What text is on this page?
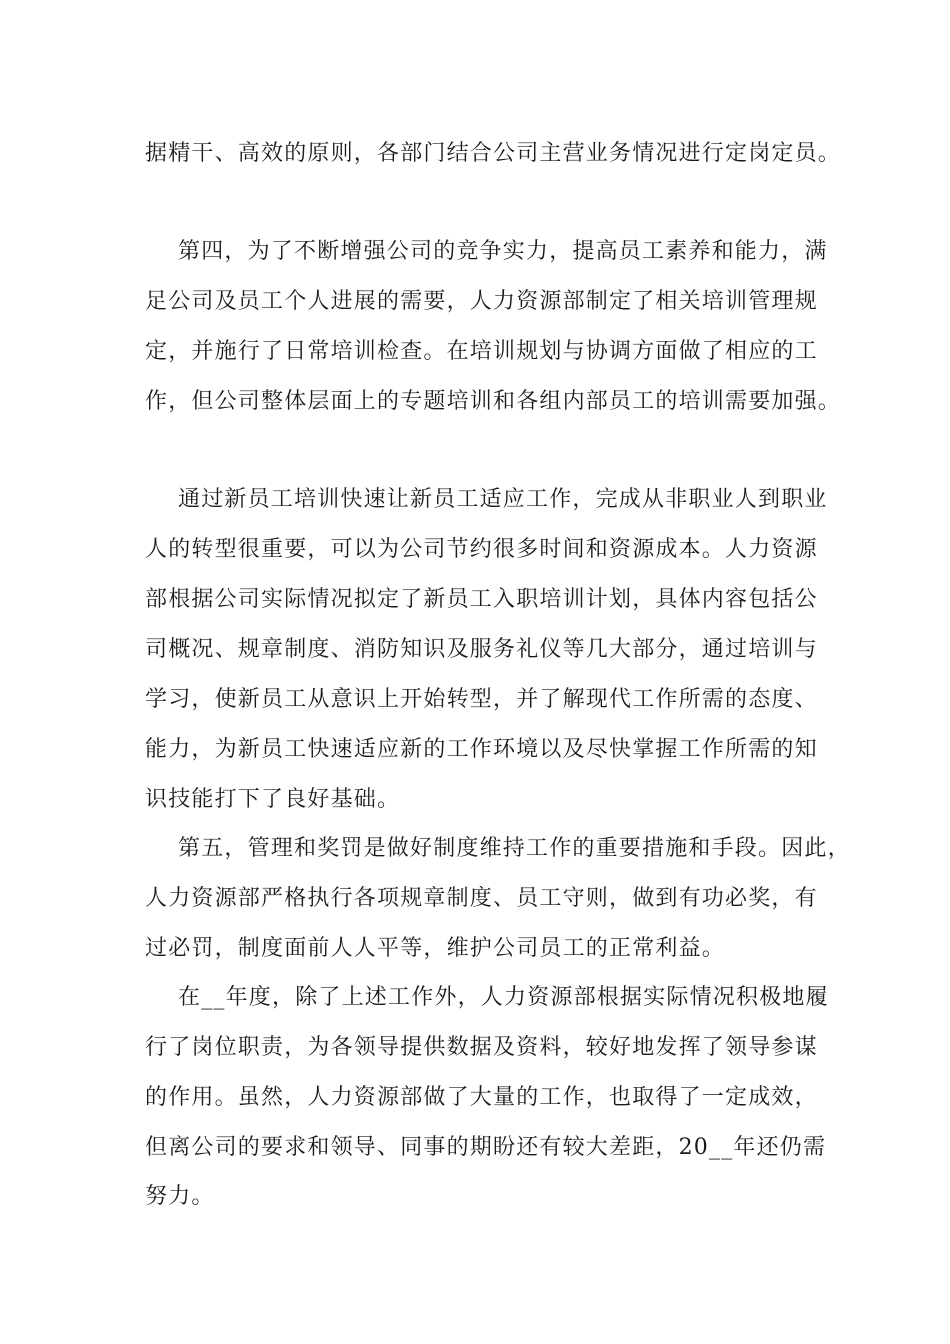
据精干、高效的原则，各部门结合公司主营业务情况进行定岗定员。
第四，为了不断增强公司的竞争实力，提高员工素养和能力，满
足公司及员工个人进展的需要，人力资源部制定了相关培训管理规
定，并施行了日常培训检查。在培训规划与协调方面做了相应的工
作，但公司整体层面上的专题培训和各组内部员工的培训需要加强。
通过新员工培训快速让新员工适应工作，完成从非职业人到职业
人的转型很重要，可以为公司节约很多时间和资源成本。人力资源
部根据公司实际情况拟定了新员工入职培训计划，具体内容包括公
司概况、规章制度、消防知识及服务礼仪等几大部分，通过培训与
学习，使新员工从意识上开始转型，并了解现代工作所需的态度、
能力，为新员工快速适应新的工作环境以及尽快掌握工作所需的知
识技能打下了良好基础。
第五，管理和奖罚是做好制度维持工作的重要措施和手段。因此，
人力资源部严格执行各项规章制度、员工守则，做到有功必奖，有
过必罚，制度面前人人平等，维护公司员工的正常利益。
在__年度，除了上述工作外，人力资源部根据实际情况积极地履
行了岗位职责，为各领导提供数据及资料，较好地发挥了领导参谋
的作用。虽然，人力资源部做了大量的工作，也取得了一定成效，
但离公司的要求和领导、同事的期盼还有较大差距，20__年还仍需
努力。
